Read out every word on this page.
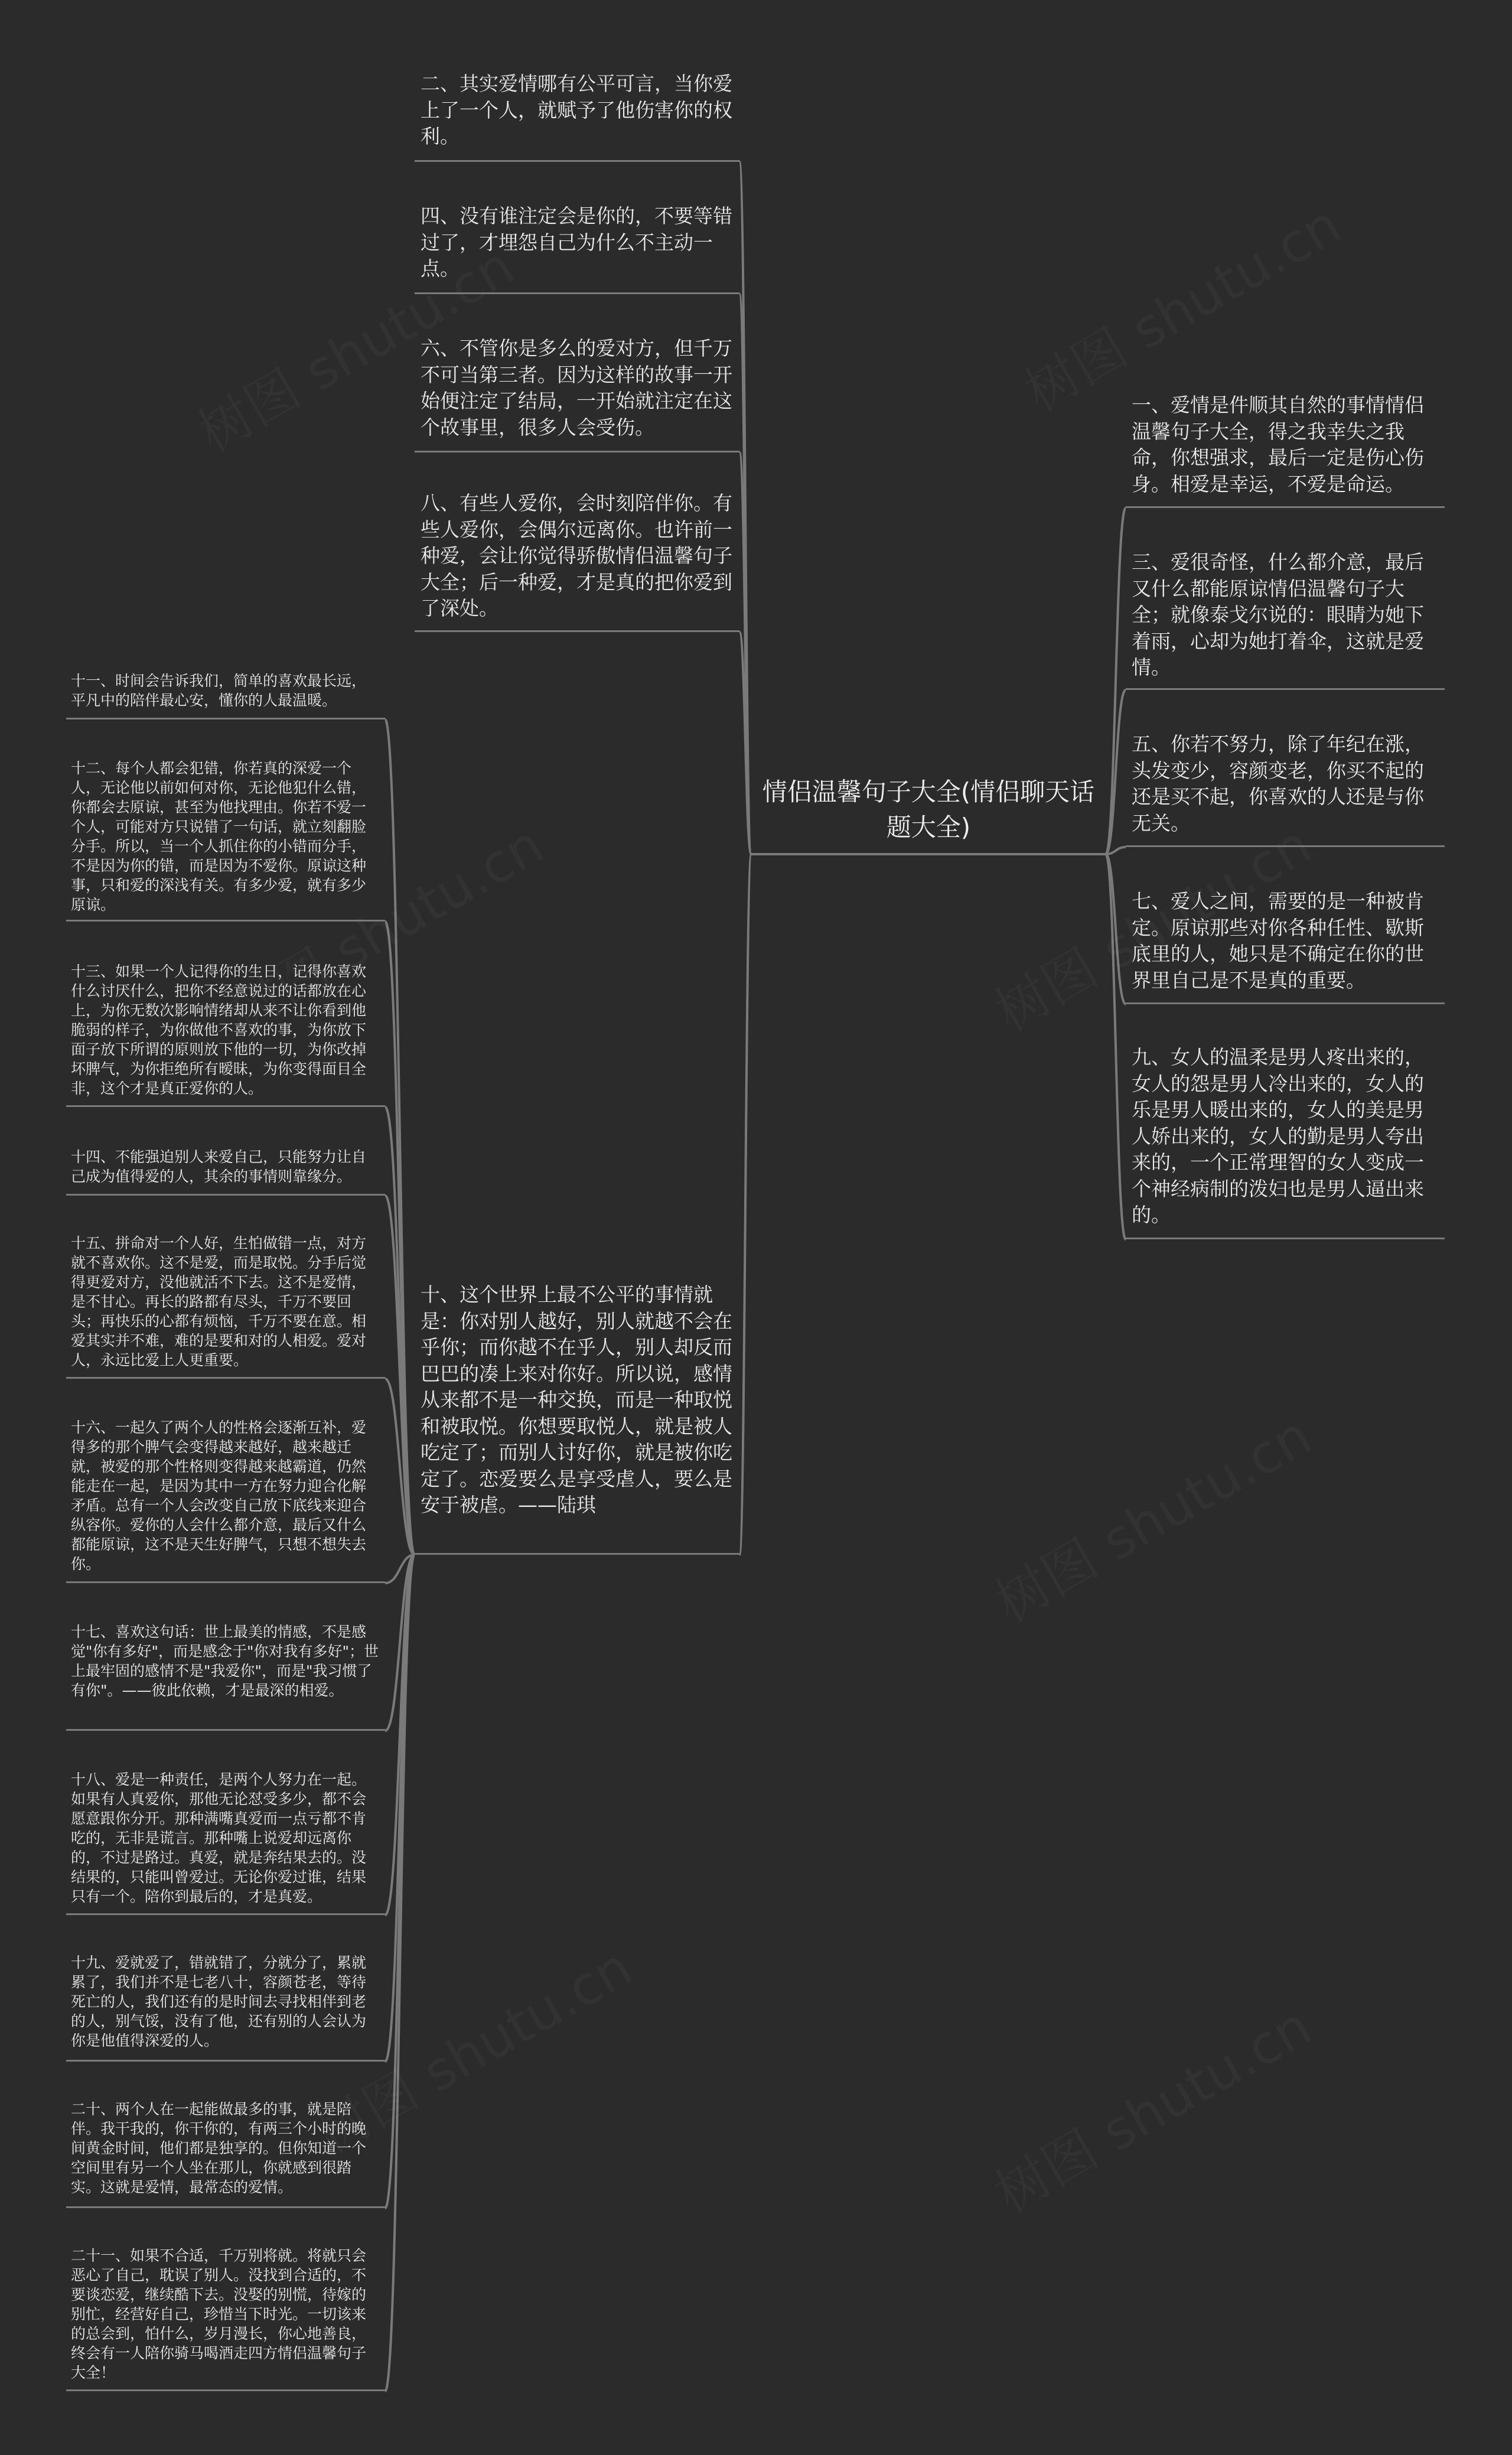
情侣温馨句子大全(情侣聊天话题大全)
二、其实爱情哪有公平可言，当你爱上了一个人，就赋予了他伤害你的权利。
四、没有谁注定会是你的，不要等错过了，才埋怨自己为什么不主动一点。
六、不管你是多么的爱对方，但千万不可当第三者。因为这样的故事一开始便注定了结局，一开始就注定在这个故事里，很多人会受伤。
八、有些人爱你，会时刻陪伴你。有些人爱你，会偶尔远离你。也许前一种爱，会让你觉得骄傲情侣温馨句子大全；后一种爱，才是真的把你爱到了深处。
十、这个世界上最不公平的事情就是：你对别人越好，别人就越不会在乎你；而你越不在乎人，别人却反而巴巴的凑上来对你好。所以说，感情从来都不是一种交换，而是一种取悦和被取悦。你想要取悦人，就是被人吃定了；而别人讨好你，就是被你吃定了。恋爱要么是享受虐人，要么是安于被虐。——陆琪
十一、时间会告诉我们，简单的喜欢最长远，平凡中的陪伴最心安，懂你的人最温暖。
十二、每个人都会犯错，你若真的深爱一个人，无论他以前如何对你，无论他犯什么错，你都会去原谅，甚至为他找理由。你若不爱一个人，可能对方只说错了一句话，就立刻翻脸分手。所以，当一个人抓住你的小错而分手，不是因为你的错，而是因为不爱你。原谅这种事，只和爱的深浅有关。有多少爱，就有多少原谅。
十三、如果一个人记得你的生日，记得你喜欢什么讨厌什么，把你不经意说过的话都放在心上，为你无数次影响情绪却从来不让你看到他脆弱的样子，为你做他不喜欢的事，为你放下面子放下所谓的原则放下他的一切，为你改掉坏脾气，为你拒绝所有暧昧，为你变得面目全非，这个才是真正爱你的人。
十四、不能强迫别人来爱自己，只能努力让自己成为值得爱的人，其余的事情则靠缘分。
十五、拼命对一个人好，生怕做错一点，对方就不喜欢你。这不是爱，而是取悦。分手后觉得更爱对方，没他就活不下去。这不是爱情，是不甘心。再长的路都有尽头，千万不要回头；再快乐的心都有烦恼，千万不要在意。相爱其实并不难，难的是要和对的人相爱。爱对人，永远比爱上人更重要。
十六、一起久了两个人的性格会逐渐互补，爱得多的那个脾气会变得越来越好，越来越迁就，被爱的那个性格则变得越来越霸道，仍然能走在一起，是因为其中一方在努力迎合化解矛盾。总有一个人会改变自己放下底线来迎合纵容你。爱你的人会什么都介意，最后又什么都能原谅，这不是天生好脾气，只想不想失去你。
十七、喜欢这句话：世上最美的情感，不是感觉"你有多好"，而是感念于"你对我有多好"；世上最牢固的感情不是"我爱你"，而是"我习惯了有你"。——彼此依赖，才是最深的相爱。
十八、爱是一种责任，是两个人努力在一起。如果有人真爱你，那他无论怼受多少，都不会愿意跟你分开。那种满嘴真爱而一点亏都不肯吃的，无非是谎言。那种嘴上说爱却远离你的，不过是路过。真爱，就是奔结果去的。没结果的，只能叫曾爱过。无论你爱过谁，结果只有一个。陪你到最后的，才是真爱。
十九、爱就爱了，错就错了，分就分了，累就累了，我们并不是七老八十，容颜苍老，等待死亡的人，我们还有的是时间去寻找相伴到老的人，别气馁，没有了他，还有别的人会认为你是他值得深爱的人。
二十、两个人在一起能做最多的事，就是陪伴。我干我的，你干你的，有两三个小时的晚间黄金时间，他们都是独享的。但你知道一个空间里有另一个人坐在那儿，你就感到很踏实。这就是爱情，最常态的爱情。
二十一、如果不合适，千万别将就。将就只会恶心了自己，耽误了别人。没找到合适的，不要谈恋爱，继续酷下去。没娶的别慌，待嫁的别忙，经营好自己，珍惜当下时光。一切该来的总会到，怕什么，岁月漫长，你心地善良，终会有一人陪你骑马喝酒走四方情侣温馨句子大全！
一、爱情是件顺其自然的事情情侣温馨句子大全，得之我幸失之我命，你想强求，最后一定是伤心伤身。相爱是幸运，不爱是命运。
三、爱很奇怪，什么都介意，最后又什么都能原谅情侣温馨句子大全；就像泰戈尔说的：眼睛为她下着雨，心却为她打着伞，这就是爱情。
五、你若不努力，除了年纪在涨，头发变少，容颜变老，你买不起的还是买不起，你喜欢的人还是与你无关。
七、爱人之间，需要的是一种被肯定。原谅那些对你各种任性、歇斯底里的人，她只是不确定在你的世界里自己是不是真的重要。
九、女人的温柔是男人疼出来的，女人的怨是男人冷出来的，女人的乐是男人暖出来的，女人的美是男人娇出来的，女人的勤是男人夸出来的，一个正常理智的女人变成一个神经病制的泼妇也是男人逼出来的。
